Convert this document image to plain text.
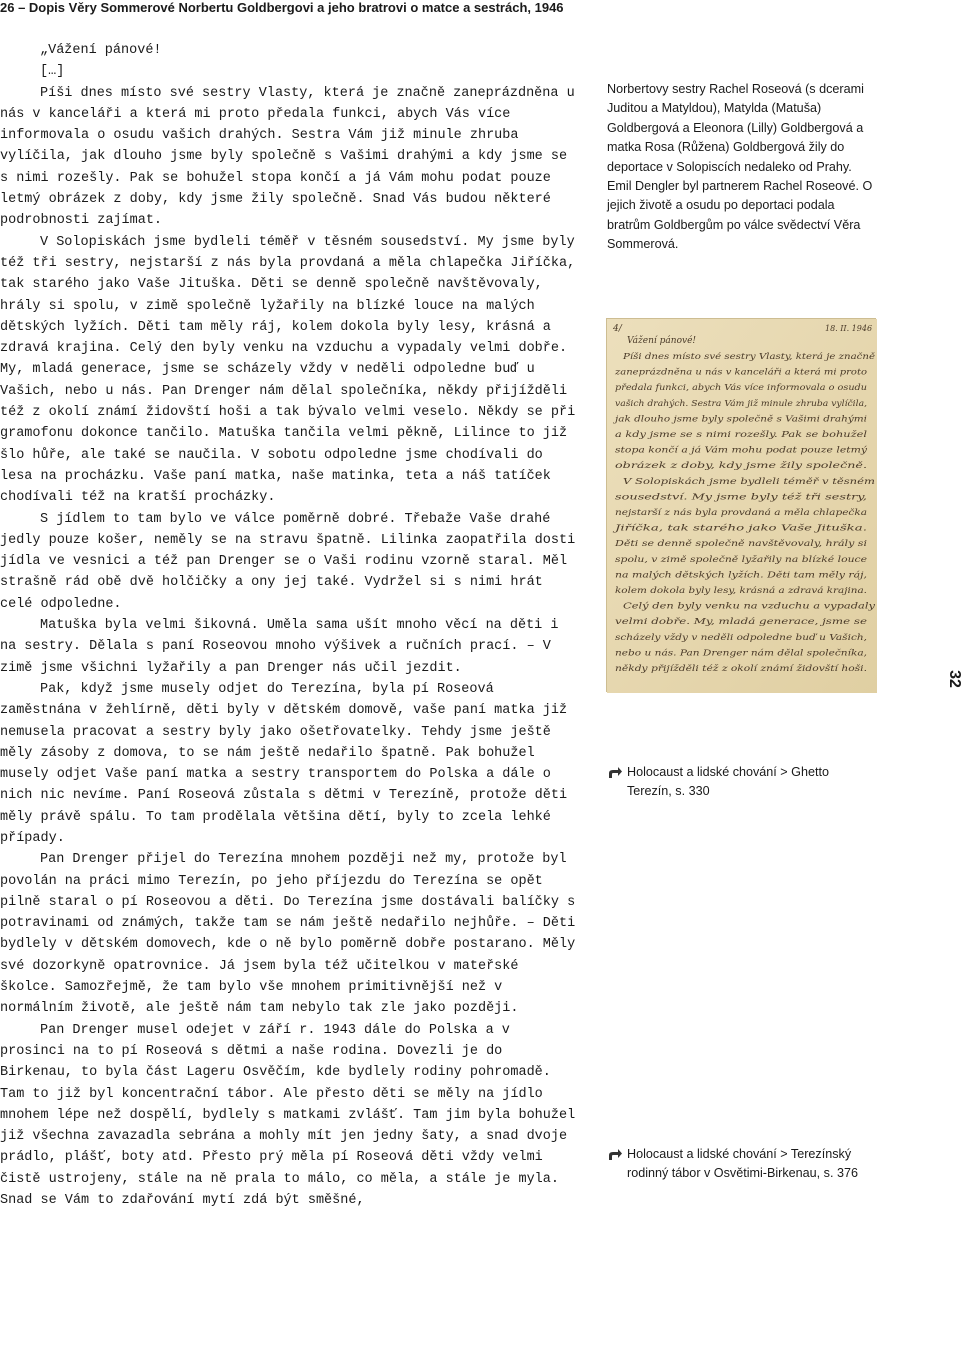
26 – Dopis Věry Sommerové Norbertu Goldbergovi a jeho bratrovi o matce a sestrách, 1946

„Vážení pánové!

[…]

Píši dnes místo své sestry Vlasty, která je značně zaneprázdněna u nás v kanceláři a která mi proto předala funkci, abych Vás více informovala o osudu vašich drahých. Sestra Vám již minule zhruba vylíčila, jak dlouho jsme byly společně s Vašimi drahými a kdy jsme se s nimi rozešly. Pak se bohužel stopa končí a já Vám mohu podat pouze letmý obrázek z doby, kdy jsme žily společně. Snad Vás budou některé podrobnosti zajímat.

V Solopiskách jsme bydleli téměř v těsném sousedství. My jsme byly též tři sestry, nejstarší z nás byla provdaná a měla chlapečka Jiříčka, tak starého jako Vaše Jituška. Děti se denně společně navštěvovaly, hrály si spolu, v zimě společně lyžařily na blízké louce na malých dětských lyžích. Děti tam měly ráj, kolem dokola byly lesy, krásná a zdravá krajina. Celý den byly venku na vzduchu a vypadaly velmi dobře. My, mladá generace, jsme se scházely vždy v neděli odpoledne buď u Vašich, nebo u nás. Pan Drenger nám dělal společníka, někdy přijížděli též z okolí známí židovští hoši a tak bývalo velmi veselo. Někdy se při gramofonu dokonce tančilo. Matuška tančila velmi pěkně, Lilince to již šlo hůře, ale také se naučila. V sobotu odpoledne jsme chodívali do lesa na procházku. Vaše paní matka, naše matinka, teta a náš tatíček chodívali též na kratší procházky.

S jídlem to tam bylo ve válce poměrně dobré. Třebaže Vaše drahé jedly pouze košer, neměly se na stravu špatně. Lilinka zaopatřila dosti jídla ve vesnici a též pan Drenger se o Vaši rodinu vzorně staral. Měl strašně rád obě dvě holčičky a ony jej také. Vydržel si s nimi hrát celé odpoledne.

Matuška byla velmi šikovná. Uměla sama ušít mnoho věcí na děti i na sestry. Dělala s paní Roseovou mnoho výšivek a ručních prací. – V zimě jsme všichni lyžařily a pan Drenger nás učil jezdit.

Pak, když jsme musely odjet do Terezína, byla pí Roseová zaměstnána v žehlírně, děti byly v dětském domově, vaše paní matka již nemusela pracovat a sestry byly jako ošetřovatelky. Tehdy jsme ještě měly zásoby z domova, to se nám ještě nedařilo špatně. Pak bohužel musely odjet Vaše paní matka a sestry transportem do Polska a dále o nich nic nevíme. Paní Roseová zůstala s dětmi v Terezíně, protože děti měly právě spálu. To tam prodělala většina dětí, byly to zcela lehké případy.

Pan Drenger přijel do Terezína mnohem později než my, protože byl povolán na práci mimo Terezín, po jeho příjezdu do Terezína se opět pilně staral o pí Roseovou a děti. Do Terezína jsme dostávali balíčky s potravinami od známých, takže tam se nám ještě nedařilo nejhůře. – Děti bydlely v dětském domovech, kde o ně bylo poměrně dobře postarano. Měly své dozorkyně opatrovnice. Já jsem byla též učitelkou v mateřské školce. Samozřejmě, že tam bylo vše mnohem primitivnější než v normálním životě, ale ještě nám tam nebylo tak zle jako později.

Pan Drenger musel odejet v září r. 1943 dále do Polska a v prosinci na to pí Roseová s dětmi a naše rodina. Dovezli je do Birkenau, to byla část Lageru Osvěčím, kde bydlely rodiny pohromadě. Tam to již byl koncentrační tábor. Ale přesto děti se měly na jídlo mnohem lépe než dospělí, bydlely s matkami zvlášť. Tam jim byla bohužel již všechna zavazadla sebrána a mohly mít jen jedny šaty, a snad dvoje prádlo, plášť, boty atd. Přesto prý měla pí Roseová děti vždy velmi čistě ustrojeny, stále na ně prala to málo, co měla, a stále je myla. Snad se Vám to zdařování mytí zdá být směšné,

Norbertovy sestry Rachel Roseová (s dcerami Juditou a Matyldou), Matylda (Matuša) Goldbergová a Eleonora (Lilly) Goldbergová a matka Rosa (Růžena) Goldbergová žily do deportace v Solopiscích nedaleko od Prahy. Emil Dengler byl partnerem Rachel Roseové. O jejich životě a osudu po deportaci podala bratrům Goldbergům po válce svědectví Věra Sommerová.
4/	18. II. 1946
Vážení pánové!
Píši dnes místo své sestry Vlasty, která je značně
zaneprázdněna u nás v kanceláři a která mi proto
předala funkci, abych Vás více informovala o osudu
vašich drahých. Sestra Vám již minule zhruba vylíčila,
jak dlouho jsme byly společně s Vašimi drahými
a kdy jsme se s nimi rozešly. Pak se bohužel
stopa končí a já Vám mohu podat pouze letmý
obrázek z doby, kdy jsme žily společně.
V Solopiskách jsme bydleli téměř v těsném
sousedství. My jsme byly též tři sestry,
nejstarší z nás byla provdaná a měla chlapečka
Jiříčka, tak starého jako Vaše Jituška.
Děti se denně společně navštěvovaly, hrály si
spolu, v zimě společně lyžařily na blízké louce
na malých dětských lyžích. Děti tam měly ráj,
kolem dokola byly lesy, krásná a zdravá krajina.
Celý den byly venku na vzduchu a vypadaly
velmi dobře. My, mladá generace, jsme se
scházely vždy v neděli odpoledne buď u Vašich,
nebo u nás. Pan Drenger nám dělal společníka,
někdy přijížděli též z okolí známí židovští hoši.
32
Holocaust a lidské chování > Ghetto Terezín, s. 330
Holocaust a lidské chování > Terezínský rodinný tábor v Osvětimi-Birkenau, s. 376
